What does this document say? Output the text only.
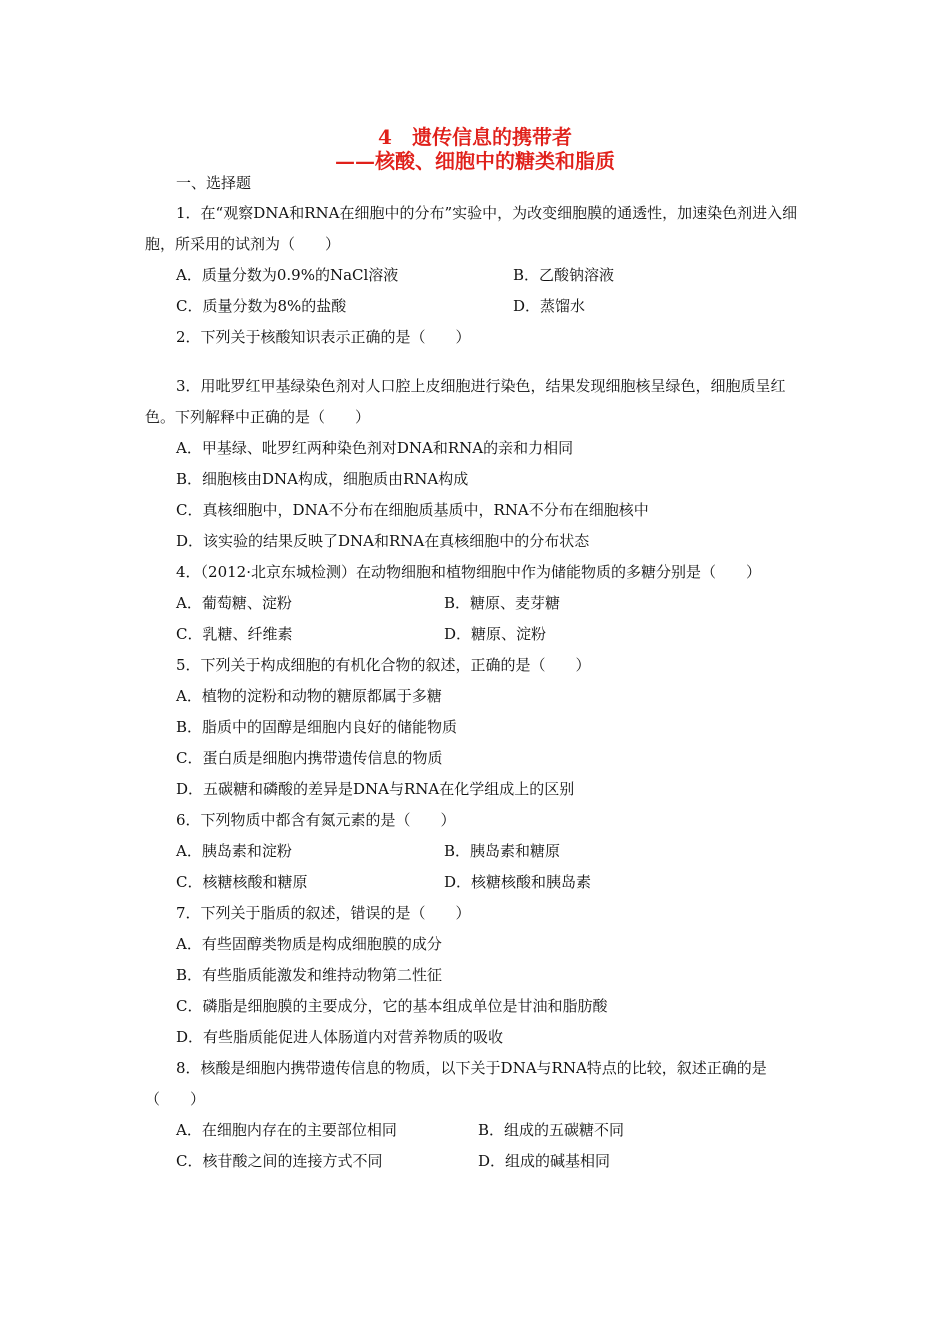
4　遗传信息的携带者
——核酸、细胞中的糖类和脂质
一、选择题

1．在“观察DNA和RNA在细胞中的分布”实验中，为改变细胞膜的通透性，加速染色剂进入细胞，所采用的试剂为（　　）

A．质量分数为0.9%的NaCl溶液	B．乙酸钠溶液
C．质量分数为8%的盐酸	D．蒸馏水

2．下列关于核酸知识表示正确的是（　　）

3．用吡罗红甲基绿染色剂对人口腔上皮细胞进行染色，结果发现细胞核呈绿色，细胞质呈红色。下列解释中正确的是（　　）

A．甲基绿、吡罗红两种染色剂对DNA和RNA的亲和力相同
B．细胞核由DNA构成，细胞质由RNA构成
C．真核细胞中，DNA不分布在细胞质基质中，RNA不分布在细胞核中
D．该实验的结果反映了DNA和RNA在真核细胞中的分布状态

4．（2012·北京东城检测）在动物细胞和植物细胞中作为储能物质的多糖分别是（　　）

A．葡萄糖、淀粉	B．糖原、麦芽糖
C．乳糖、纤维素	D．糖原、淀粉

5．下列关于构成细胞的有机化合物的叙述，正确的是（　　）

A．植物的淀粉和动物的糖原都属于多糖
B．脂质中的固醇是细胞内良好的储能物质
C．蛋白质是细胞内携带遗传信息的物质
D．五碳糖和磷酸的差异是DNA与RNA在化学组成上的区别

6．下列物质中都含有氮元素的是（　　）

A．胰岛素和淀粉	B．胰岛素和糖原
C．核糖核酸和糖原	D．核糖核酸和胰岛素

7．下列关于脂质的叙述，错误的是（　　）

A．有些固醇类物质是构成细胞膜的成分
B．有些脂质能激发和维持动物第二性征
C．磷脂是细胞膜的主要成分，它的基本组成单位是甘油和脂肪酸
D．有些脂质能促进人体肠道内对营养物质的吸收

8．核酸是细胞内携带遗传信息的物质，以下关于DNA与RNA特点的比较，叙述正确的是（　　）

A．在细胞内存在的主要部位相同	B．组成的五碳糖不同
C．核苷酸之间的连接方式不同	D．组成的碱基相同
